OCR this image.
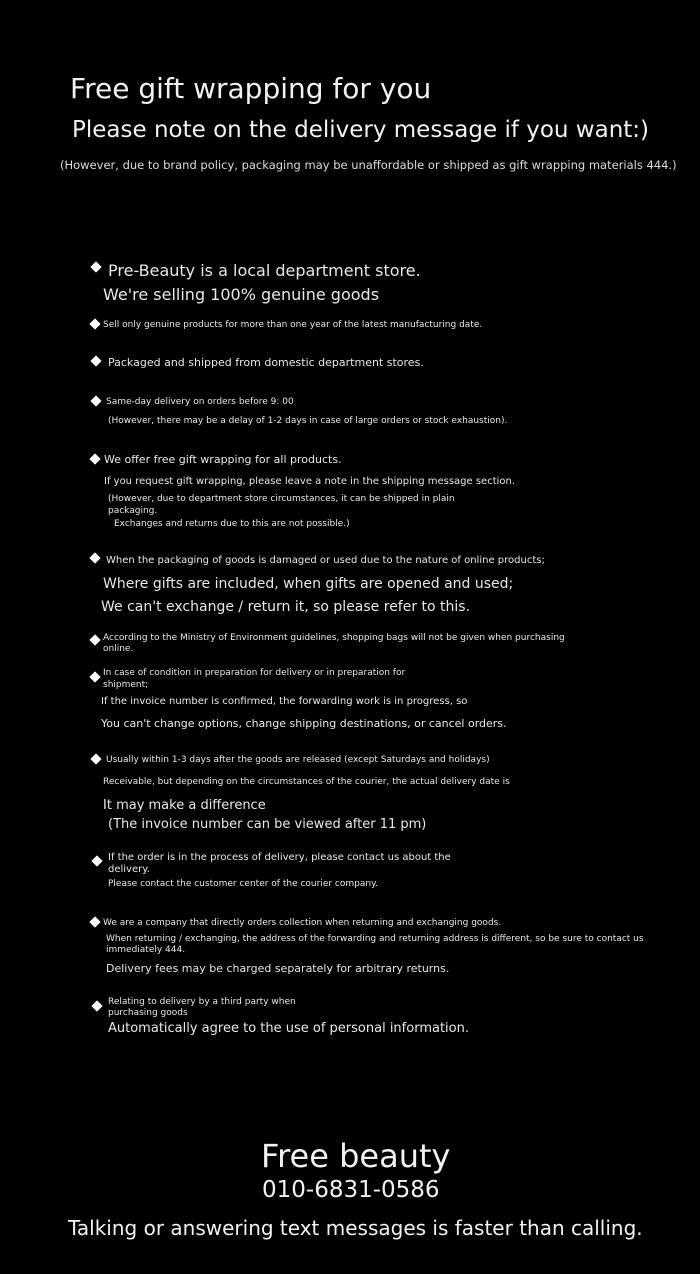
Free gift wrapping for you
Please note on the delivery message if you want:)
(However, due to brand policy, packaging may be unaffordable or shipped as gift wrapping materials 444.)
Pre-Beauty is a local department store.
We're selling 100% genuine goods
Sell only genuine products for more than one year of the latest manufacturing date.
Packaged and shipped from domestic department stores.
Same-day delivery on orders before 9: 00
(However, there may be a delay of 1-2 days in case of large orders or stock exhaustion).
We offer free gift wrapping for all products.
If you request gift wrapping, please leave a note in the shipping message section.
(However, due to department store circumstances, it can be shipped in plain
packaging.
Exchanges and returns due to this are not possible.)
When the packaging of goods is damaged or used due to the nature of online products;
Where gifts are included, when gifts are opened and used;
We can't exchange / return it, so please refer to this.
According to the Ministry of Environment guidelines, shopping bags will not be given when purchasing
online.
In case of condition in preparation for delivery or in preparation for
shipment;
If the invoice number is confirmed, the forwarding work is in progress, so
You can't change options, change shipping destinations, or cancel orders.
Usually within 1-3 days after the goods are released (except Saturdays and holidays)
Receivable, but depending on the circumstances of the courier, the actual delivery date is
It may make a difference
(The invoice number can be viewed after 11 pm)
If the order is in the process of delivery, please contact us about the
delivery.
Please contact the customer center of the courier company.
We are a company that directly orders collection when returning and exchanging goods.
When returning / exchanging, the address of the forwarding and returning address is different, so be sure to contact us
immediately 444.
Delivery fees may be charged separately for arbitrary returns.
Relating to delivery by a third party when
purchasing goods
Automatically agree to the use of personal information.
Free beauty
010-6831-0586
Talking or answering text messages is faster than calling.
